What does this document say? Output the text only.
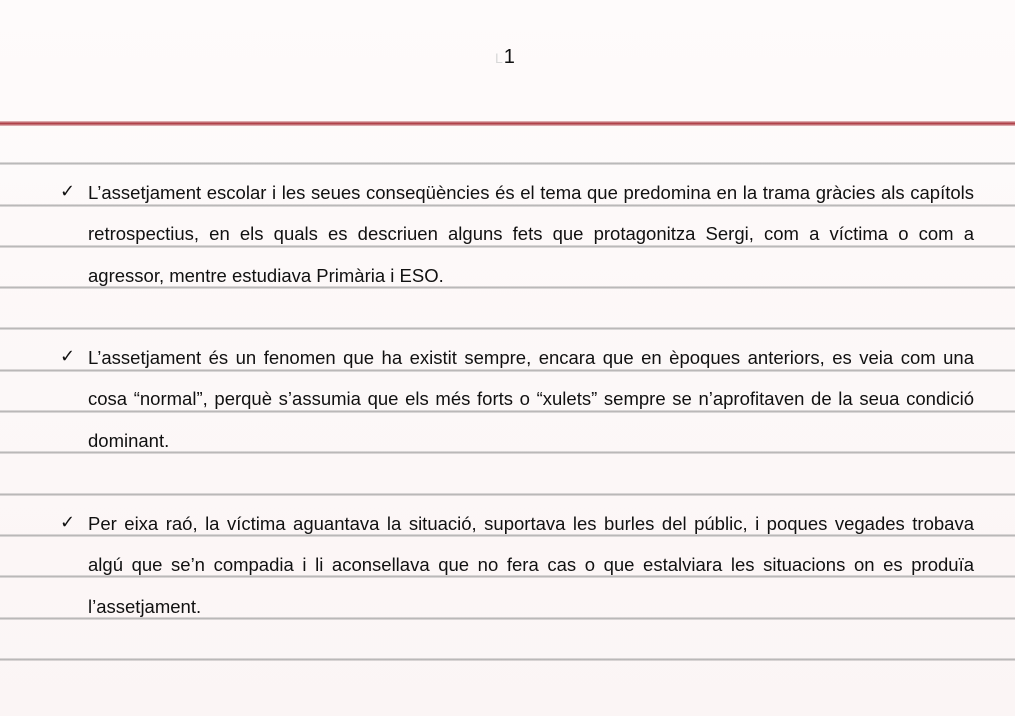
L1
✓ L’assetjament escolar i les seues conseqüències és el tema que predomina en la trama gràcies als capítols retrospectius, en els quals es descriuen alguns fets que protagonitza Sergi, com a víctima o com a agressor, mentre estudiava Primària i ESO.
✓ L’assetjament és un fenomen que ha existit sempre, encara que en èpoques anteriors, es veia com una cosa “normal”, perquè s’assumia que els més forts o “xulets” sempre se n’aprofitaven de la seua condició dominant.
✓ Per eixa raó, la víctima aguantava la situació, suportava les burles del públic, i poques vegades trobava algú que se’n compadia i li aconsellava que no fera cas o que estalviara les situacions on es produïa l’assetjament.
